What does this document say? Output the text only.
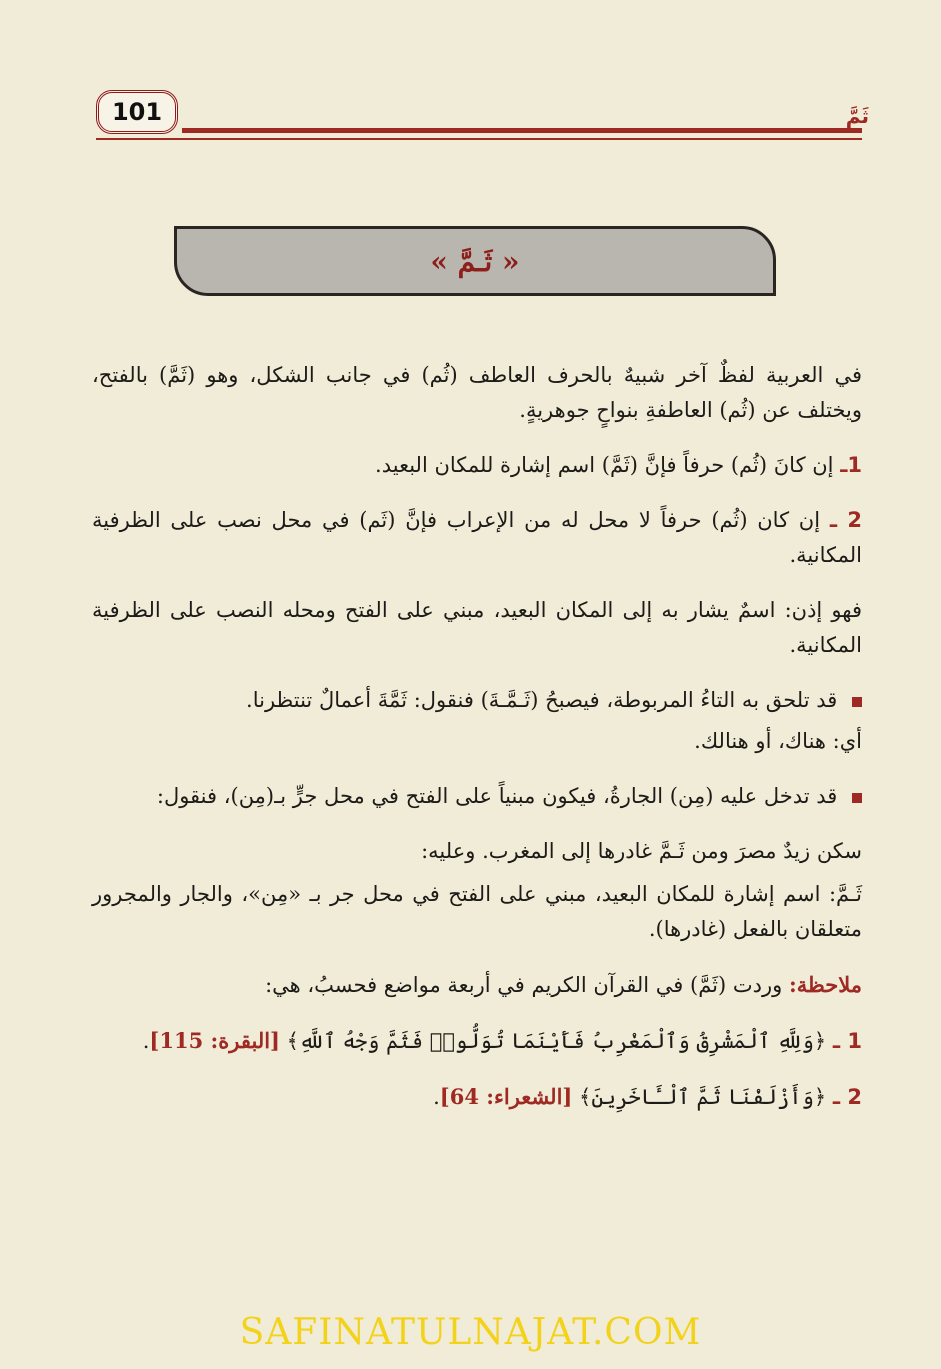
101	ثَمَّ
« ثَـمَّ »

في العربية لفظٌ آخر شبيهٌ بالحرف العاطف (ثُم) في جانب الشكل، وهو (ثَمَّ) بالفتح، ويختلف عن (ثُم) العاطفةِ بنواحٍ جوهريةٍ.

1ـ إن كانَ (ثُم) حرفاً فإنَّ (ثَمَّ) اسم إشارة للمكان البعيد.

2 ـ إن كان (ثُم) حرفاً لا محل له من الإعراب فإنَّ (ثَم) في محل نصب على الظرفية المكانية.

فهو إذن: اسمٌ يشار به إلى المكان البعيد، مبني على الفتح ومحله النصب على الظرفية المكانية.

قد تلحق به التاءُ المربوطة، فيصبحُ (ثَـمَّـةَ) فنقول: ثَمَّةَ أعمالٌ تنتظرنا.

أي: هناك، أو هنالك.

قد تدخل عليه (مِن) الجارةُ، فيكون مبنياً على الفتح في محل جرٍّ بـ(مِن)، فنقول:

سكن زيدٌ مصرَ ومن ثَـمَّ غادرها إلى المغرب. وعليه:

ثَـمَّ: اسم إشارة للمكان البعيد، مبني على الفتح في محل جر بـ «مِن»، والجار والمجرور متعلقان بالفعل (غادرها).

ملاحظة: وردت (ثَمَّ) في القرآن الكريم في أربعة مواضع فحسبُ، هي:

1 ـ ﴿وَلِلَّهِ ٱلْمَشْرِقُ وَٱلْمَغْرِبُ فَأَيْنَمَا تُوَلُّوا۟ فَثَمَّ وَجْهُ ٱللَّهِ﴾ [البقرة: 115].

2 ـ ﴿وَأَزْلَفْنَا ثَمَّ ٱلْـَٔاخَرِينَ﴾ [الشعراء: 64].

SAFINATULNAJAT.COM
